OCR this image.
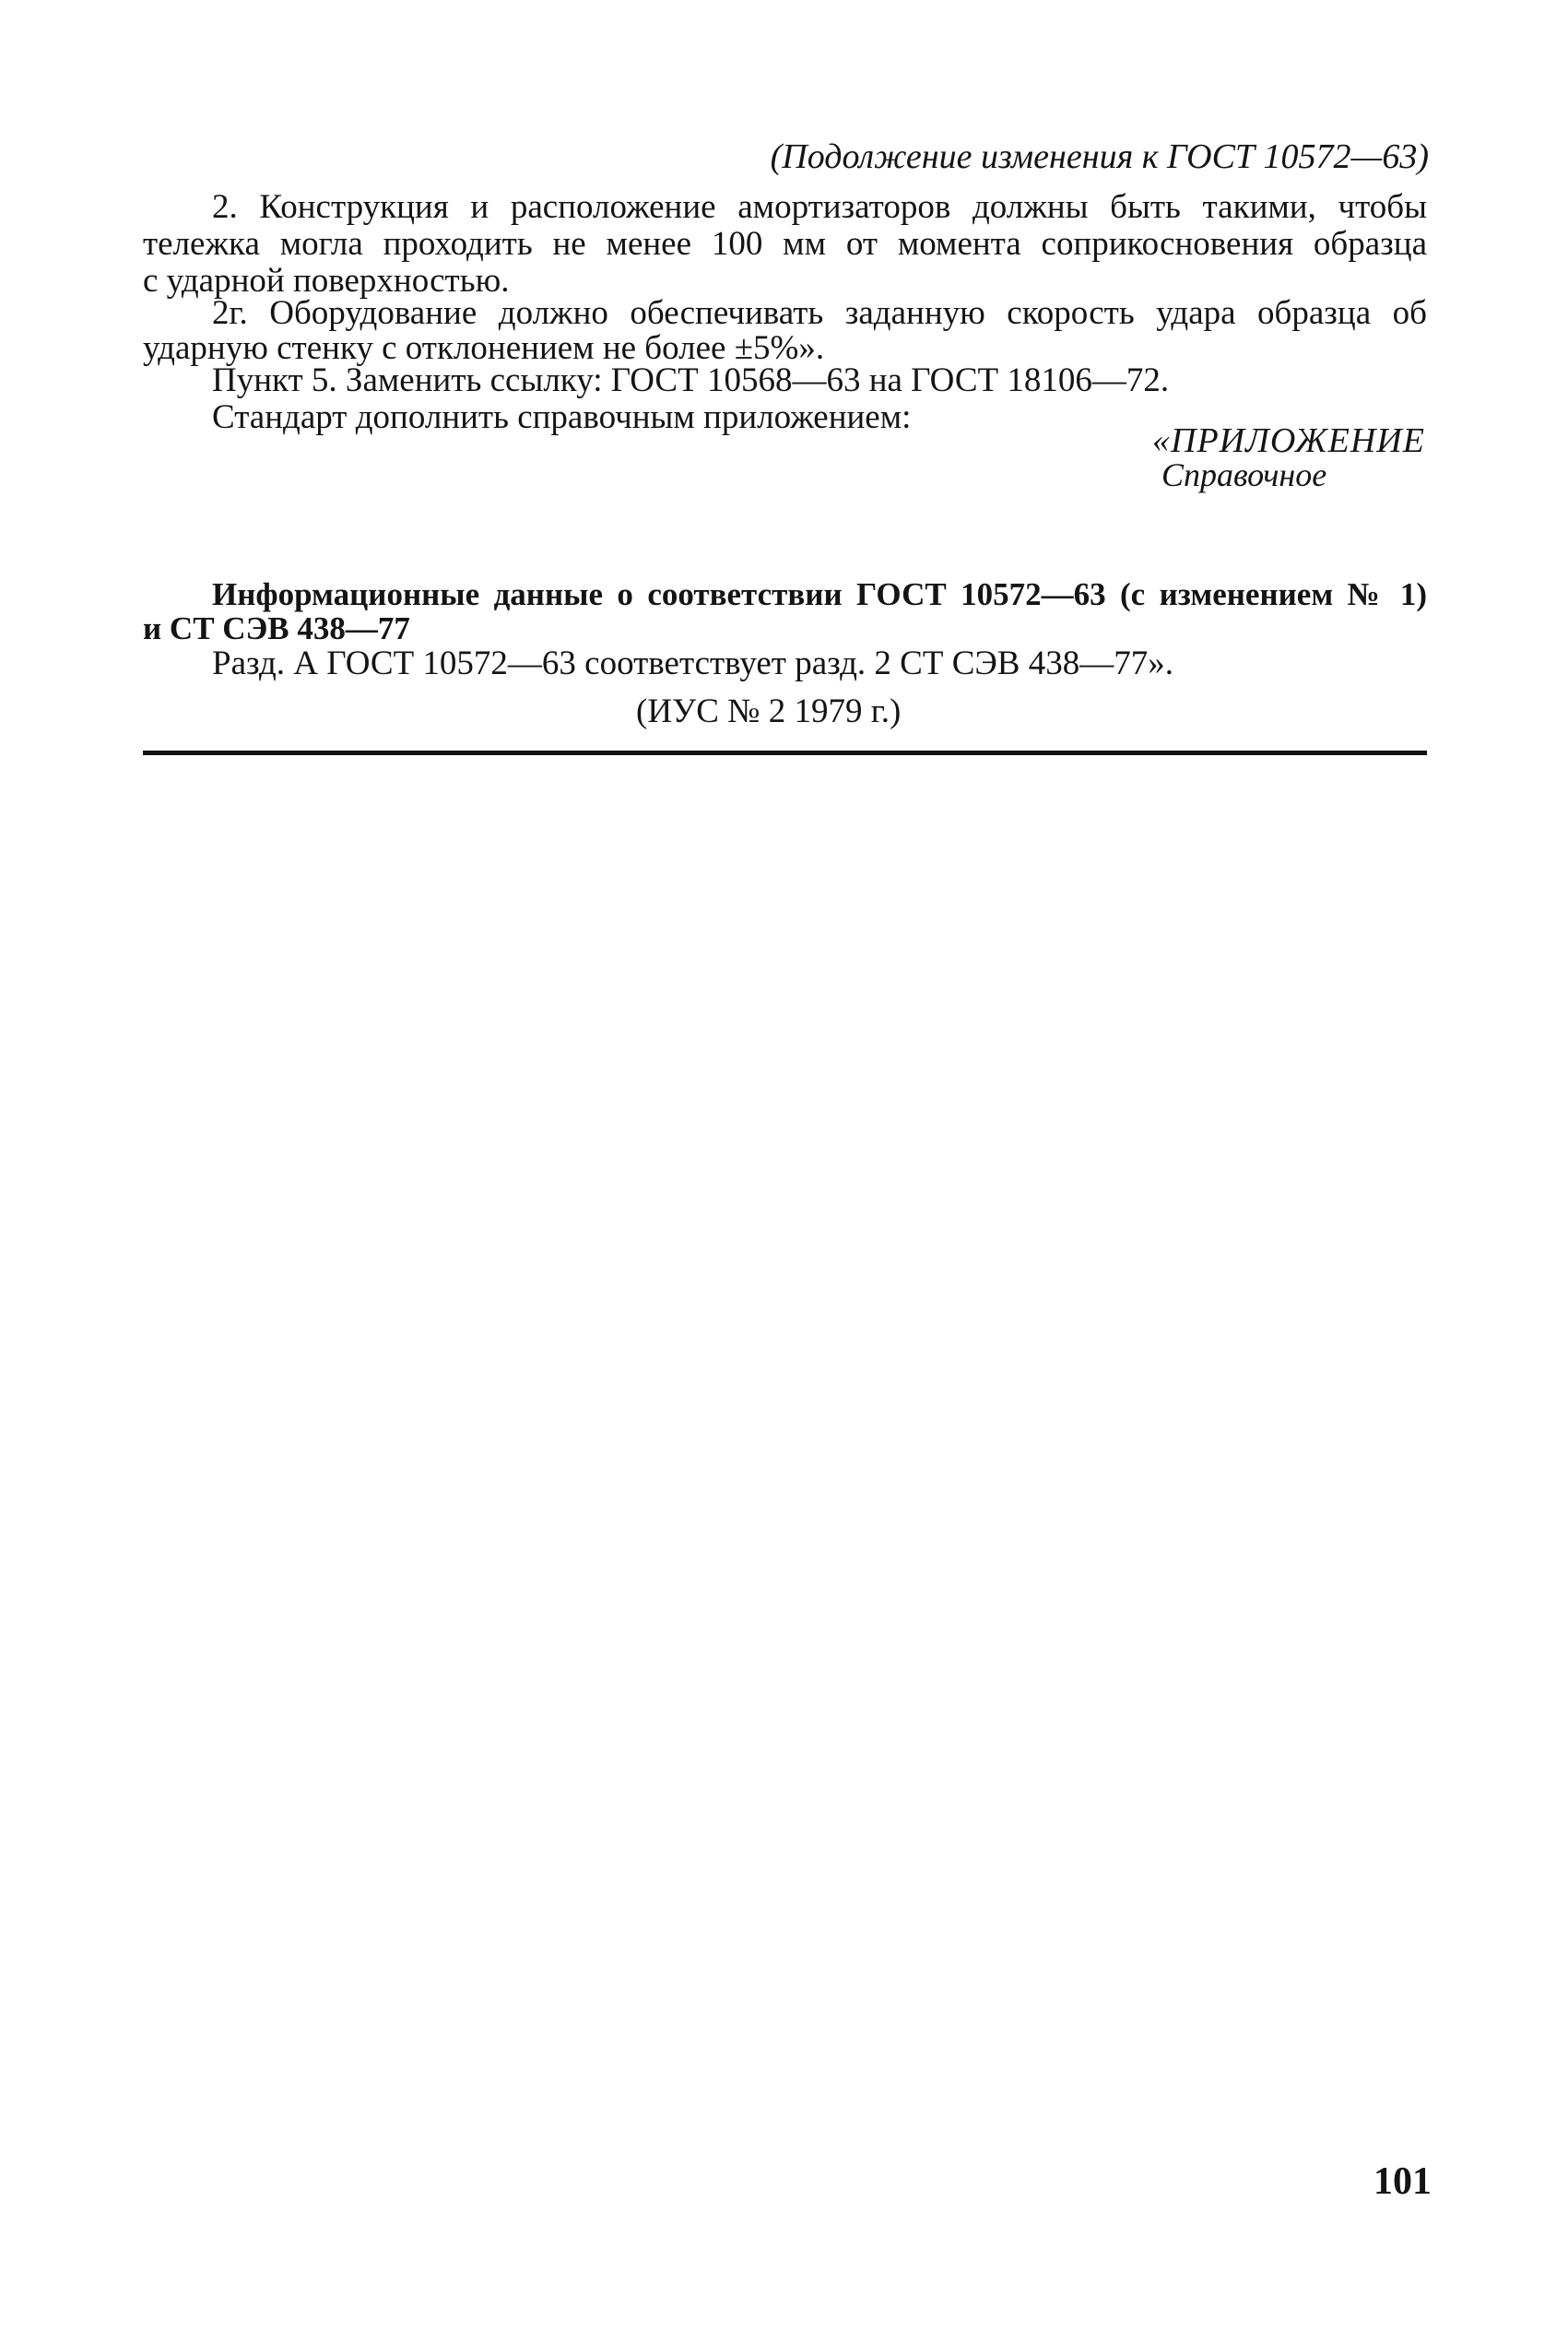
(Подолжение изменения к ГОСТ 10572—63)
2. Конструкция и расположение амортизаторов должны быть такими, чтобы
тележка могла проходить не менее 100 мм от момента соприкосновения образца
с ударной поверхностью.
2г. Оборудование должно обеспечивать заданную скорость удара образца об
ударную стенку с отклонением не более ±5%».
Пункт 5. Заменить ссылку: ГОСТ 10568—63 на ГОСТ 18106—72.
Стандарт дополнить справочным приложением:
«ПРИЛОЖЕНИЕ
Справочное
Информационные данные о соответствии ГОСТ 10572—63 (с изменением № 1)
и СТ СЭВ 438—77
Разд. А ГОСТ 10572—63 соответствует разд. 2 СТ СЭВ 438—77».
(ИУС № 2 1979 г.)
101
